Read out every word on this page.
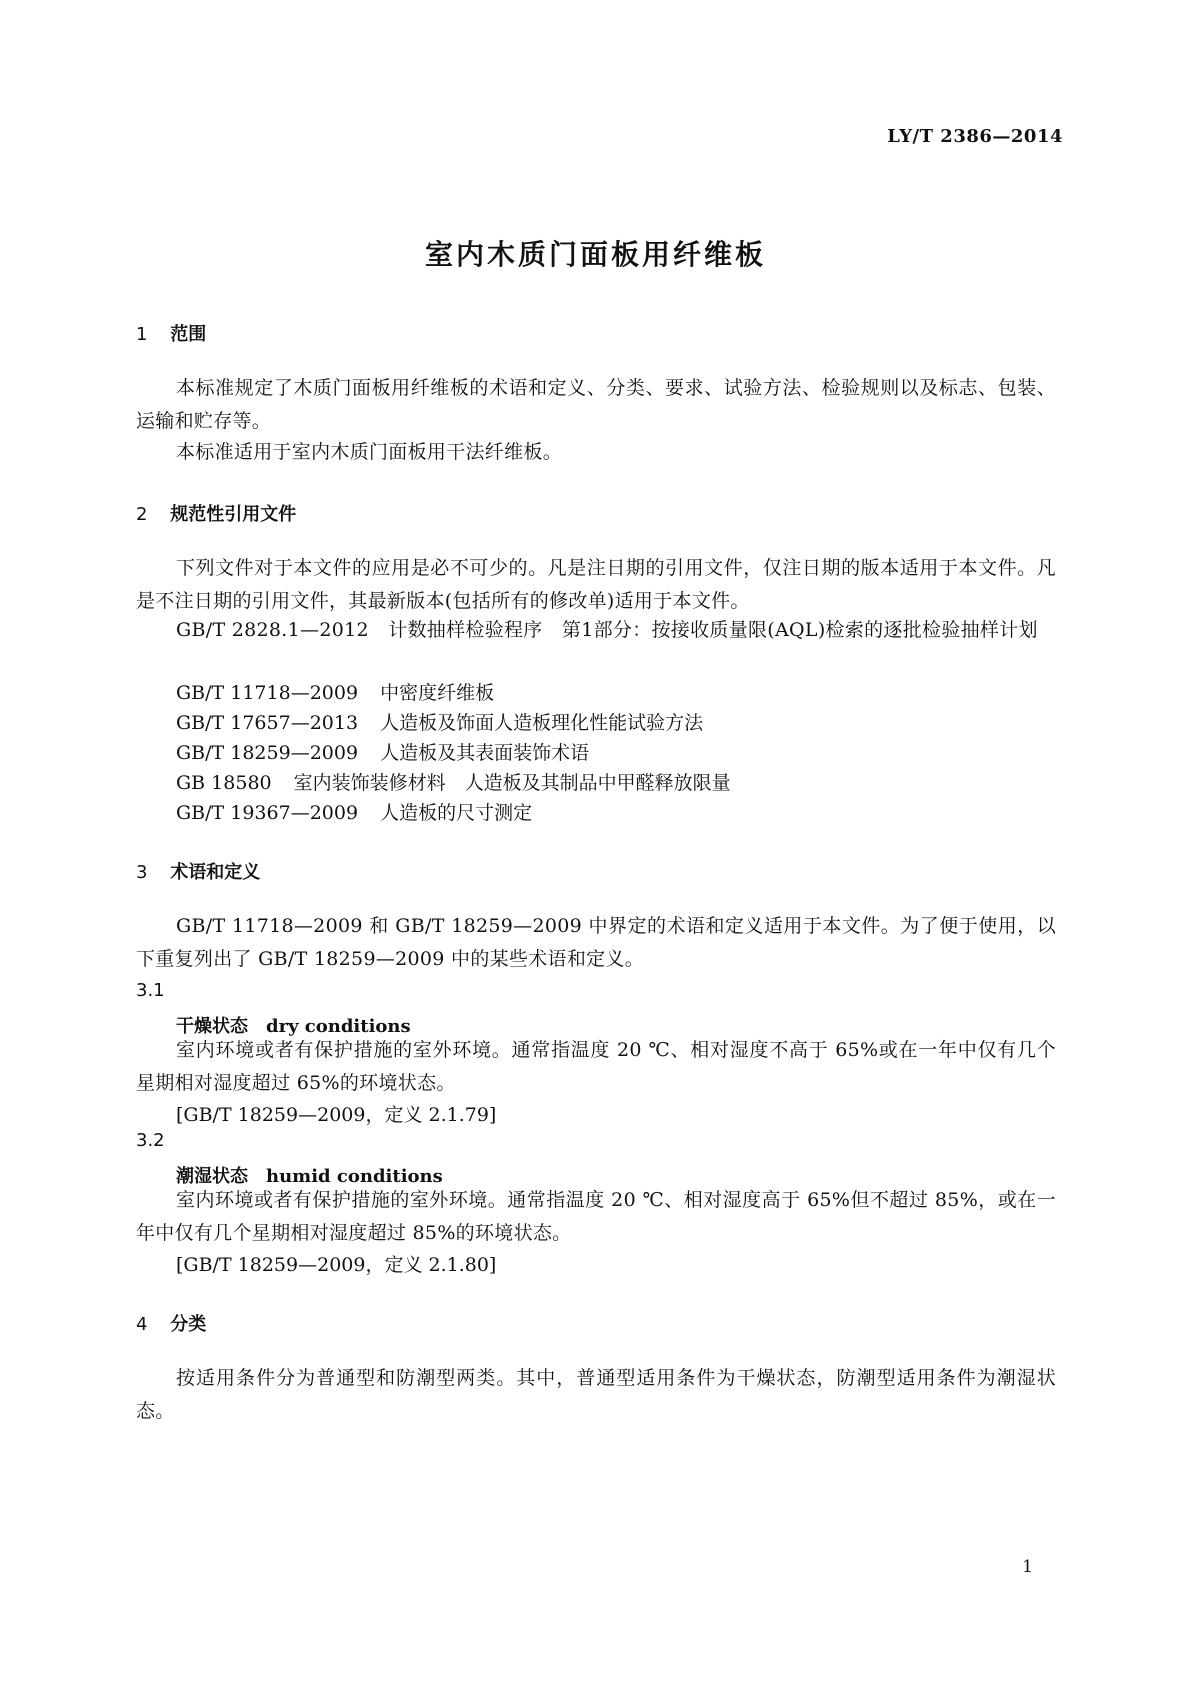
LY/T 2386—2014
室内木质门面板用纤维板
1 范围

本标准规定了木质门面板用纤维板的术语和定义、分类、要求、试验方法、检验规则以及标志、包装、运输和贮存等。

本标准适用于室内木质门面板用干法纤维板。

2 规范性引用文件

下列文件对于本文件的应用是必不可少的。凡是注日期的引用文件，仅注日期的版本适用于本文件。凡是不注日期的引用文件，其最新版本(包括所有的修改单)适用于本文件。

GB/T 2828.1—2012　 计数抽样检验程序　第1部分：按接收质量限(AQL)检索的逐批检验抽样计划

GB/T 11718—2009 中密度纤维板
GB/T 17657—2013 人造板及饰面人造板理化性能试验方法
GB/T 18259—2009 人造板及其表面装饰术语
GB 18580 室内装饰装修材料　人造板及其制品中甲醛释放限量
GB/T 19367—2009 人造板的尺寸测定
3 术语和定义

GB/T 11718—2009 和 GB/T 18259—2009 中界定的术语和定义适用于本文件。为了便于使用，以下重复列出了 GB/T 18259—2009 中的某些术语和定义。

3.1
干燥状态 dry conditions

室内环境或者有保护措施的室外环境。通常指温度 20 ℃、相对湿度不高于 65%或在一年中仅有几个星期相对湿度超过 65%的环境状态。

[GB/T 18259—2009，定义 2.1.79]
3.2
潮湿状态 humid conditions

室内环境或者有保护措施的室外环境。通常指温度 20 ℃、相对湿度高于 65%但不超过 85%，或在一年中仅有几个星期相对湿度超过 85%的环境状态。

[GB/T 18259—2009，定义 2.1.80]
4 分类

按适用条件分为普通型和防潮型两类。其中，普通型适用条件为干燥状态，防潮型适用条件为潮湿状态。

1
